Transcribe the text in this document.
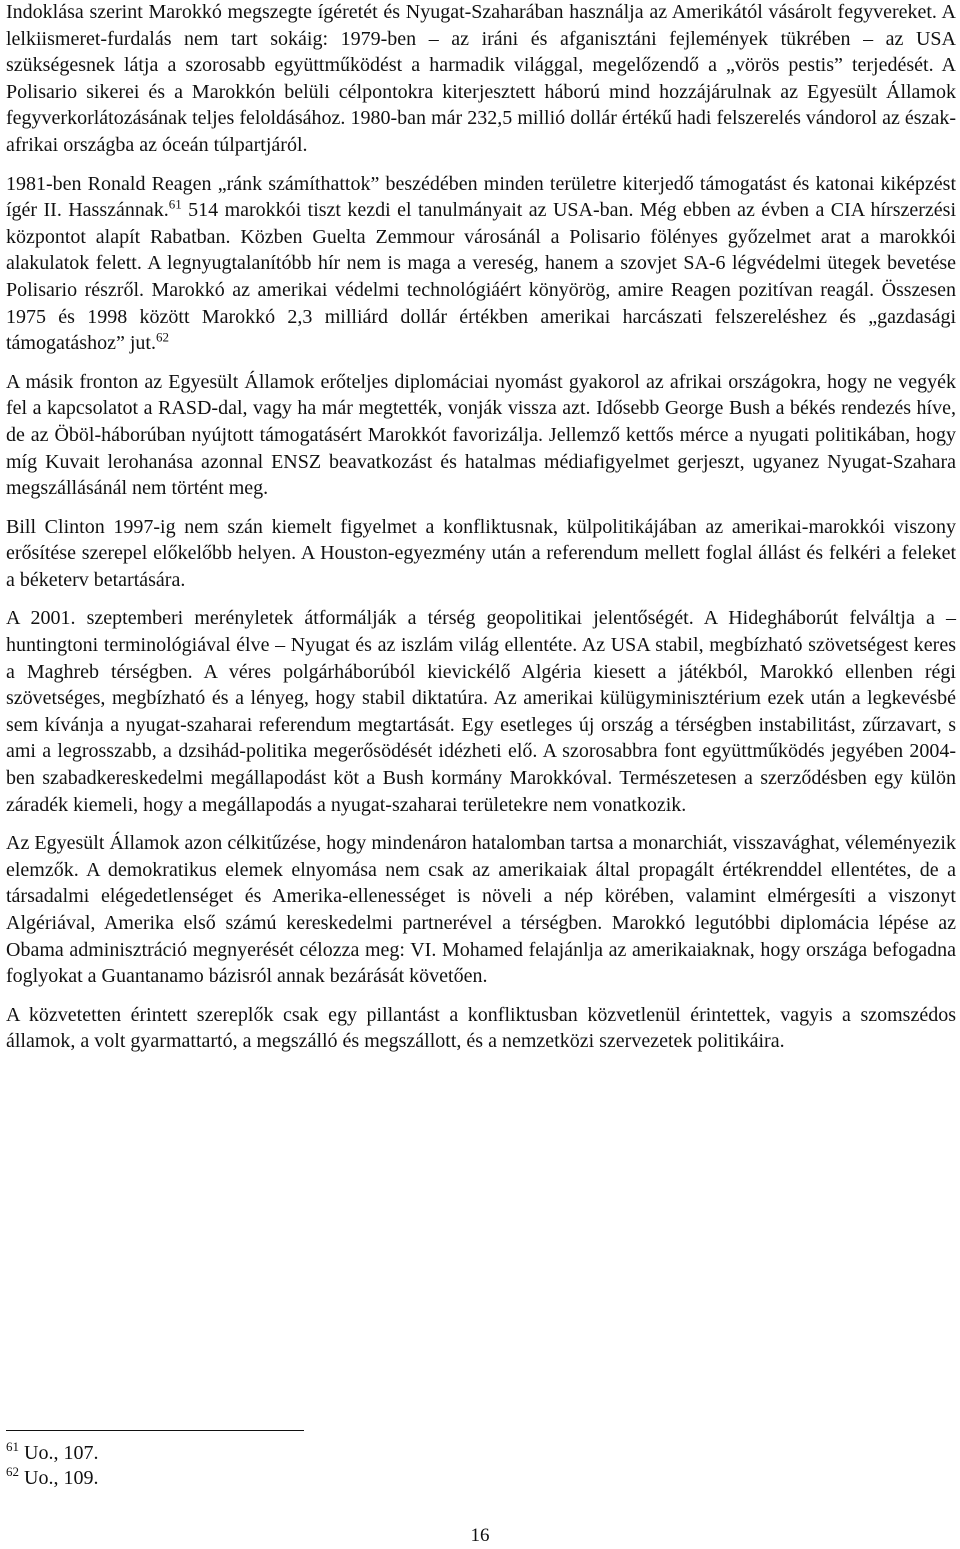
Indoklása szerint Marokkó megszegte ígéretét és Nyugat-Szaharában használja az Amerikától vásárolt fegyvereket. A lelkiismeret-furdalás nem tart sokáig: 1979-ben – az iráni és afganisztáni fejlemények tükrében – az USA szükségesnek látja a szorosabb együttműködést a harmadik világgal, megelőzendő a „vörös pestis” terjedését. A Polisario sikerei és a Marokkón belüli célpontokra kiterjesztett háború mind hozzájárulnak az Egyesült Államok fegyverkorlátozásának teljes feloldásához. 1980-ban már 232,5 millió dollár értékű hadi felszerelés vándorol az észak-afrikai országba az óceán túlpartjáról.

1981-ben Ronald Reagen „ránk számíthattok” beszédében minden területre kiterjedő támogatást és katonai kiképzést ígér II. Hasszánnak.$^{61}$ 514 marokkói tiszt kezdi el tanulmányait az USA-ban. Még ebben az évben a CIA hírszerzési központot alapít Rabatban. Közben Guelta Zemmour városánál a Polisario fölényes győzelmet arat a marokkói alakulatok felett. A legnyugtalanítóbb hír nem is maga a vereség, hanem a szovjet SA-6 légvédelmi ütegek bevetése Polisario részről. Marokkó az amerikai védelmi technológiáért könyörög, amire Reagen pozitívan reagál. Összesen 1975 és 1998 között Marokkó 2,3 milliárd dollár értékben amerikai harcászati felszereléshez és „gazdasági támogatáshoz” jut.$^{62}$

A másik fronton az Egyesült Államok erőteljes diplomáciai nyomást gyakorol az afrikai országokra, hogy ne vegyék fel a kapcsolatot a RASD-dal, vagy ha már megtették, vonják vissza azt. Idősebb George Bush a békés rendezés híve, de az Öböl-háborúban nyújtott támogatásért Marokkót favorizálja. Jellemző kettős mérce a nyugati politikában, hogy míg Kuvait lerohanása azonnal ENSZ beavatkozást és hatalmas médiafigyelmet gerjeszt, ugyanez Nyugat-Szahara megszállásánál nem történt meg.

Bill Clinton 1997-ig nem szán kiemelt figyelmet a konfliktusnak, külpolitikájában az amerikai-marokkói viszony erősítése szerepel előkelőbb helyen. A Houston-egyezmény után a referendum mellett foglal állást és felkéri a feleket a béketerv betartására.

A 2001. szeptemberi merényletek átformálják a térség geopolitikai jelentőségét. A Hidegháborút felváltja a – huntingtoni terminológiával élve – Nyugat és az iszlám világ ellentéte. Az USA stabil, megbízható szövetségest keres a Maghreb térségben. A véres polgárháborúból kievickélő Algéria kiesett a játékból, Marokkó ellenben régi szövetséges, megbízható és a lényeg, hogy stabil diktatúra. Az amerikai külügyminisztérium ezek után a legkevésbé sem kívánja a nyugat-szaharai referendum megtartását. Egy esetleges új ország a térségben instabilitást, zűrzavart, s ami a legrosszabb, a dzsihád-politika megerősödését idézheti elő. A szorosabbra font együttműködés jegyében 2004-ben szabadkereskedelmi megállapodást köt a Bush kormány Marokkóval. Természetesen a szerződésben egy külön záradék kiemeli, hogy a megállapodás a nyugat-szaharai területekre nem vonatkozik.

Az Egyesült Államok azon célkitűzése, hogy mindenáron hatalomban tartsa a monarchiát, visszavághat, véleményezik elemzők. A demokratikus elemek elnyomása nem csak az amerikaiak által propagált értékrenddel ellentétes, de a társadalmi elégedetlenséget és Amerika-ellenességet is növeli a nép körében, valamint elmérgesíti a viszonyt Algériával, Amerika első számú kereskedelmi partnerével a térségben. Marokkó legutóbbi diplomácia lépése az Obama adminisztráció megnyerését célozza meg: VI. Mohamed felajánlja az amerikaiaknak, hogy országa befogadna foglyokat a Guantanamo bázisról annak bezárását követően.

A közvetetten érintett szereplők csak egy pillantást a konfliktusban közvetlenül érintettek, vagyis a szomszédos államok, a volt gyarmattartó, a megszálló és megszállott, és a nemzetközi szervezetek politikáira.

$^{61}$ Uo., 107.
$^{62}$ Uo., 109.
16
